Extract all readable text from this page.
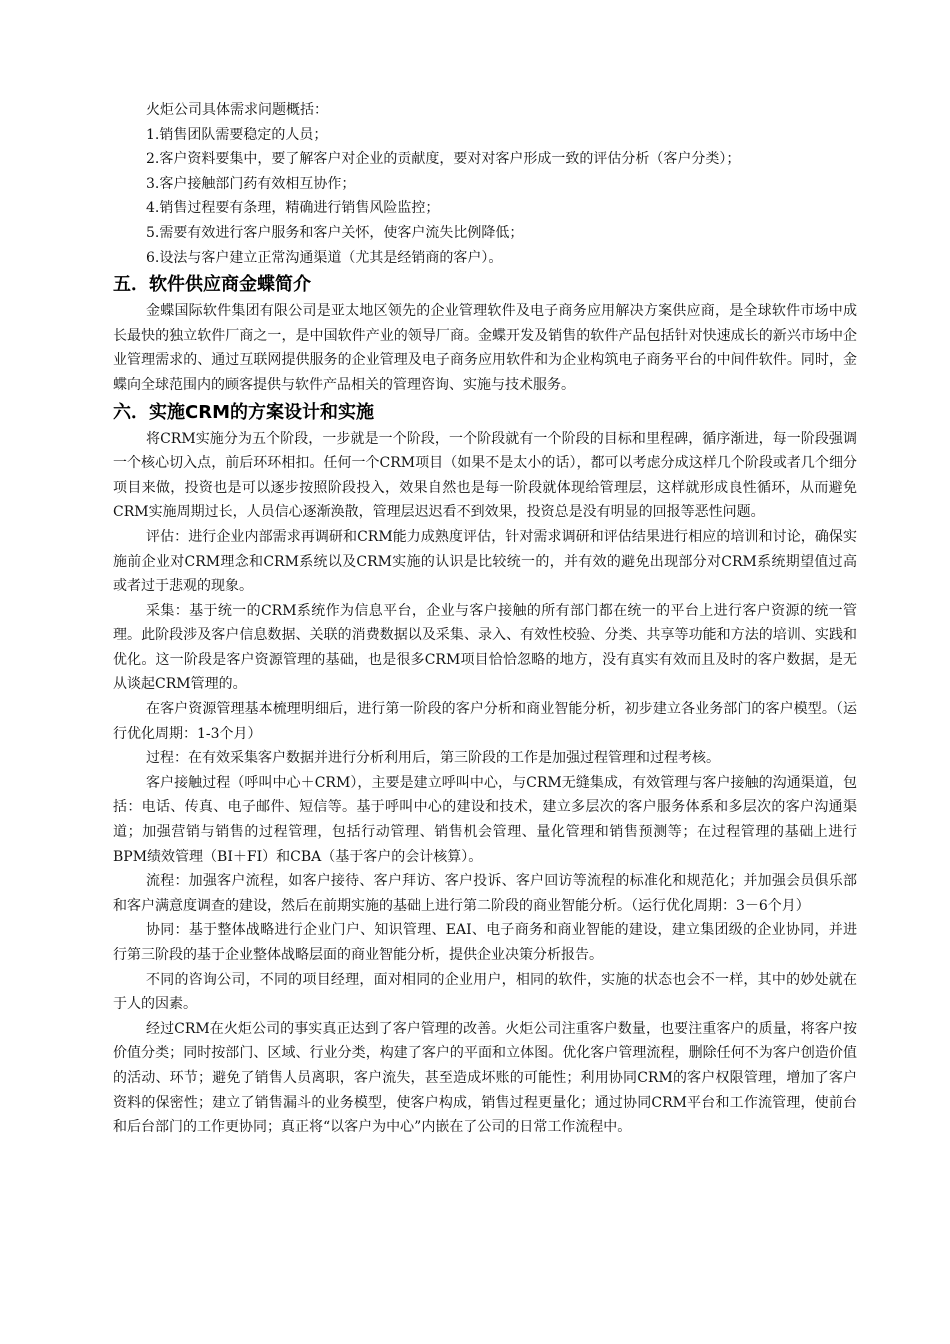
火炬公司具体需求问题概括：

1.销售团队需要稳定的人员；

2.客户资料要集中，要了解客户对企业的贡献度，要对对客户形成一致的评估分析（客户分类）；

3.客户接触部门药有效相互协作；

4.销售过程要有条理，精确进行销售风险监控；

5.需要有效进行客户服务和客户关怀，使客户流失比例降低；

6.设法与客户建立正常沟通渠道（尤其是经销商的客户）。

五．软件供应商金蝶简介

金蝶国际软件集团有限公司是亚太地区领先的企业管理软件及电子商务应用解决方案供应商，是全球软件市场中成长最快的独立软件厂商之一，是中国软件产业的领导厂商。金蝶开发及销售的软件产品包括针对快速成长的新兴市场中企业管理需求的、通过互联网提供服务的企业管理及电子商务应用软件和为企业构筑电子商务平台的中间件软件。同时，金蝶向全球范围内的顾客提供与软件产品相关的管理咨询、实施与技术服务。

六．实施CRM的方案设计和实施

将CRM实施分为五个阶段，一步就是一个阶段，一个阶段就有一个阶段的目标和里程碑，循序渐进，每一阶段强调一个核心切入点，前后环环相扣。任何一个CRM项目（如果不是太小的话），都可以考虑分成这样几个阶段或者几个细分项目来做，投资也是可以逐步按照阶段投入，效果自然也是每一阶段就体现给管理层，这样就形成良性循环，从而避免CRM实施周期过长，人员信心逐渐涣散，管理层迟迟看不到效果，投资总是没有明显的回报等恶性问题。

评估：进行企业内部需求再调研和CRM能力成熟度评估，针对需求调研和评估结果进行相应的培训和讨论，确保实施前企业对CRM理念和CRM系统以及CRM实施的认识是比较统一的，并有效的避免出现部分对CRM系统期望值过高或者过于悲观的现象。

采集：基于统一的CRM系统作为信息平台，企业与客户接触的所有部门都在统一的平台上进行客户资源的统一管理。此阶段涉及客户信息数据、关联的消费数据以及采集、录入、有效性校验、分类、共享等功能和方法的培训、实践和优化。这一阶段是客户资源管理的基础，也是很多CRM项目恰恰忽略的地方，没有真实有效而且及时的客户数据，是无从谈起CRM管理的。

在客户资源管理基本梳理明细后，进行第一阶段的客户分析和商业智能分析，初步建立各业务部门的客户模型。（运行优化周期：1-3个月）

过程：在有效采集客户数据并进行分析利用后，第三阶段的工作是加强过程管理和过程考核。

客户接触过程（呼叫中心＋CRM），主要是建立呼叫中心，与CRM无缝集成，有效管理与客户接触的沟通渠道，包括：电话、传真、电子邮件、短信等。基于呼叫中心的建设和技术，建立多层次的客户服务体系和多层次的客户沟通渠道；加强营销与销售的过程管理，包括行动管理、销售机会管理、量化管理和销售预测等；在过程管理的基础上进行BPM绩效管理（BI＋FI）和CBA（基于客户的会计核算）。

流程：加强客户流程，如客户接待、客户拜访、客户投诉、客户回访等流程的标准化和规范化；并加强会员俱乐部和客户满意度调查的建设，然后在前期实施的基础上进行第二阶段的商业智能分析。（运行优化周期：3－6个月）

协同：基于整体战略进行企业门户、知识管理、EAI、电子商务和商业智能的建设，建立集团级的企业协同，并进行第三阶段的基于企业整体战略层面的商业智能分析，提供企业决策分析报告。

不同的咨询公司，不同的项目经理，面对相同的企业用户，相同的软件，实施的状态也会不一样，其中的妙处就在于人的因素。

经过CRM在火炬公司的事实真正达到了客户管理的改善。火炬公司注重客户数量，也要注重客户的质量，将客户按价值分类；同时按部门、区域、行业分类，构建了客户的平面和立体图。优化客户管理流程，删除任何不为客户创造价值的活动、环节；避免了销售人员离职，客户流失，甚至造成坏账的可能性；利用协同CRM的客户权限管理，增加了客户资料的保密性；建立了销售漏斗的业务模型，使客户构成，销售过程更量化；通过协同CRM平台和工作流管理，使前台和后台部门的工作更协同；真正将“以客户为中心”内嵌在了公司的日常工作流程中。
